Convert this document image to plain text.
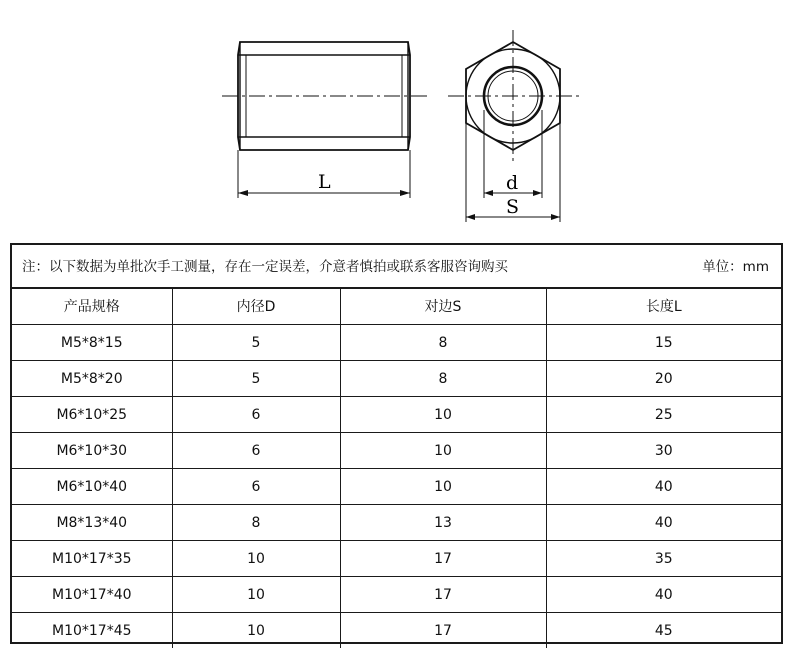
L	d
S
注：以下数据为单批次手工测量，存在一定误差，介意者慎拍或联系客服咨询购买	单位：mm
产品规格	内径D	对边S	长度L
M5*8*15	5	8	15
M5*8*20	5	8	20
M6*10*25	6	10	25
M6*10*30	6	10	30
M6*10*40	6	10	40
M8*13*40	8	13	40
M10*17*35	10	17	35
M10*17*40	10	17	40
M10*17*45	10	17	45
